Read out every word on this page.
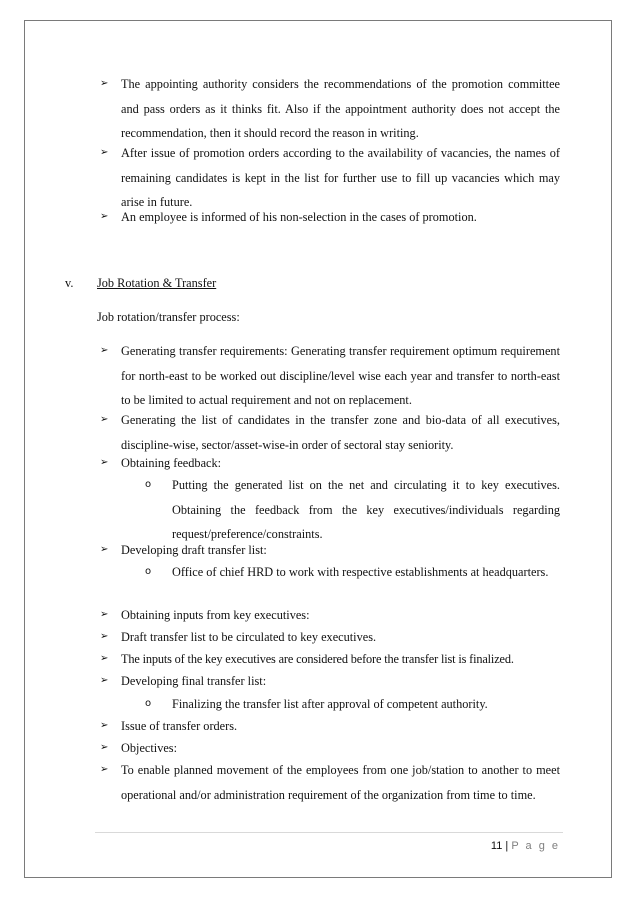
➢	The appointing authority considers the recommendations of the promotion committee and pass orders as it thinks fit. Also if the appointment authority does not accept the recommendation, then it should record the reason in writing.
➢	After issue of promotion orders according to the availability of vacancies, the names of remaining candidates is kept in the list for further use to fill up vacancies which may arise in future.
➢	An employee is informed of his non-selection in the cases of promotion.
v. Job Rotation & Transfer
Job rotation/transfer process:
➢	Generating transfer requirements: Generating transfer requirement optimum requirement for north-east to be worked out discipline/level wise each year and transfer to north-east to be limited to actual requirement and not on replacement.
➢	Generating the list of candidates in the transfer zone and bio-data of all executives, discipline-wise, sector/asset-wise-in order of sectoral stay seniority.
➢	Obtaining feedback:
o Putting the generated list on the net and circulating it to key executives. Obtaining the feedback from the key executives/individuals regarding request/preference/constraints.
➢	Developing draft transfer list:
o Office of chief HRD to work with respective establishments at headquarters.
➢	Obtaining inputs from key executives:
➢	Draft transfer list to be circulated to key executives.
➢	The inputs of the key executives are considered before the transfer list is finalized.
➢	Developing final transfer list:
o Finalizing the transfer list after approval of competent authority.
➢	Issue of transfer orders.
➢	Objectives:
➢	To enable planned movement of the employees from one job/station to another to meet operational and/or administration requirement of the organization from time to time.
11 | P a g e
